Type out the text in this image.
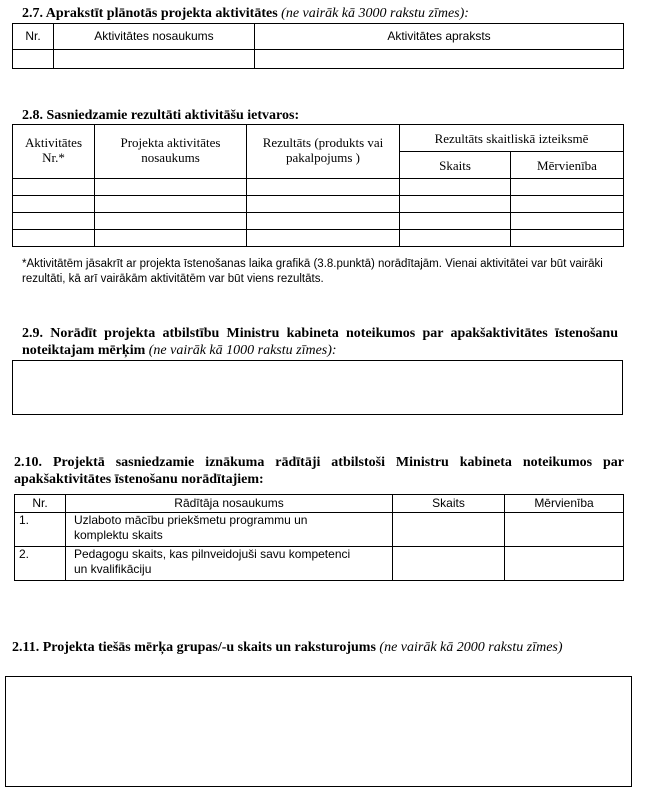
2.7. Aprakstīt plānotās projekta aktivitātes (ne vairāk kā 3000 rakstu zīmes):
Nr.	Aktivitātes nosaukums	Aktivitātes apraksts

2.8. Sasniedzamie rezultāti aktivitāšu ietvaros:
Aktivitātes Nr.*	Projekta aktivitātes nosaukums	Rezultāts (produkts vai pakalpojums )	Rezultāts skaitliskā izteiksmē	
			Skaits	Mērvienība

*Aktivitātēm jāsakrīt ar projekta īstenošanas laika grafikā (3.8.punktā) norādītajām. Vienai aktivitātei var būt vairāki rezultāti, kā arī vairākām aktivitātēm var būt viens rezultāts.
2.9. Norādīt projekta atbilstību Ministru kabineta noteikumos par apakšaktivitātes īstenošanu noteiktajam mērķim (ne vairāk kā 1000 rakstu zīmes):
2.10. Projektā sasniedzamie iznākuma rādītāji atbilstoši Ministru kabineta noteikumos par apakšaktivitātes īstenošanu norādītajiem:
Nr.	Rādītāja nosaukums	Skaits	Mērvienība
1.	Uzlaboto mācību priekšmetu programmu un komplektu skaits		
2.	Pedagogu skaits, kas pilnveidojuši savu kompetenci un kvalifikāciju		
2.11. Projekta tiešās mērķa grupas/-u skaits un raksturojums (ne vairāk kā 2000 rakstu zīmes)
